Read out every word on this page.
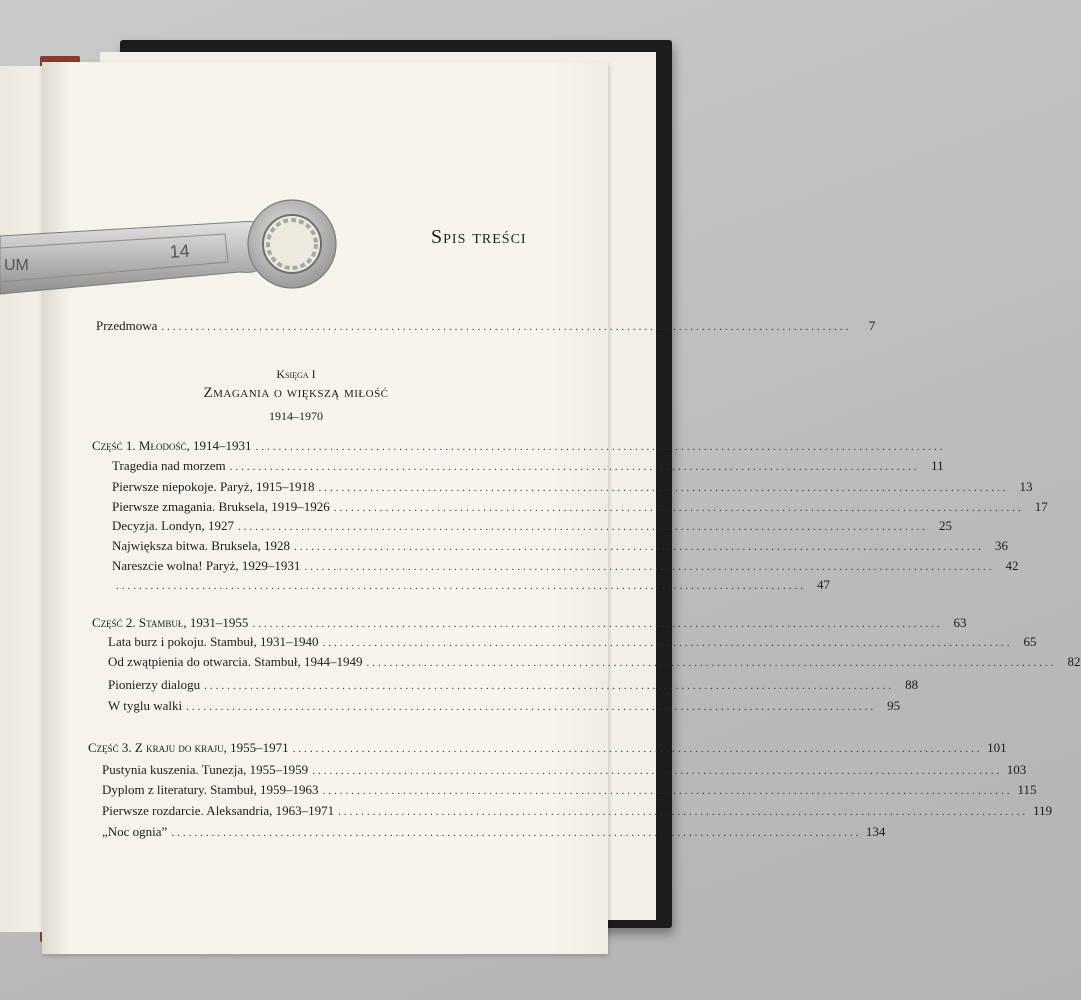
Spis treści
Przedmowa ........................................................................................................................	7
Księga I
Zmagania o większą miłość
1914–1970
Część 1. Młodość, 1914–1931 ........................................................................................................................
Tragedia nad morzem ........................................................................................................................ 11
Pierwsze niepokoje. Paryż, 1915–1918 ........................................................................................................................ 13
Pierwsze zmagania. Bruksela, 1919–1926 ........................................................................................................................ 17
Decyzja. Londyn, 1927 ........................................................................................................................ 25
Największa bitwa. Bruksela, 1928 ........................................................................................................................ 36
Nareszcie wolna! Paryż, 1929–1931 ........................................................................................................................ 42
........................................................................................................................ 47
Część 2. Stambuł, 1931–1955 ........................................................................................................................ 63
Lata burz i pokoju. Stambuł, 1931–1940 ........................................................................................................................ 65
Od zwątpienia do otwarcia. Stambuł, 1944–1949 ........................................................................................................................ 82
Pionierzy dialogu ........................................................................................................................ 88
W tyglu walki ........................................................................................................................ 95
Część 3. Z kraju do kraju, 1955–1971 ........................................................................................................................ 101
Pustynia kuszenia. Tunezja, 1955–1959 ........................................................................................................................ 103
Dyplom z literatury. Stambuł, 1959–1963 ........................................................................................................................ 115
Pierwsze rozdarcie. Aleksandria, 1963–1971 ........................................................................................................................ 119
„Noc ognia” ........................................................................................................................ 134
UM
14
